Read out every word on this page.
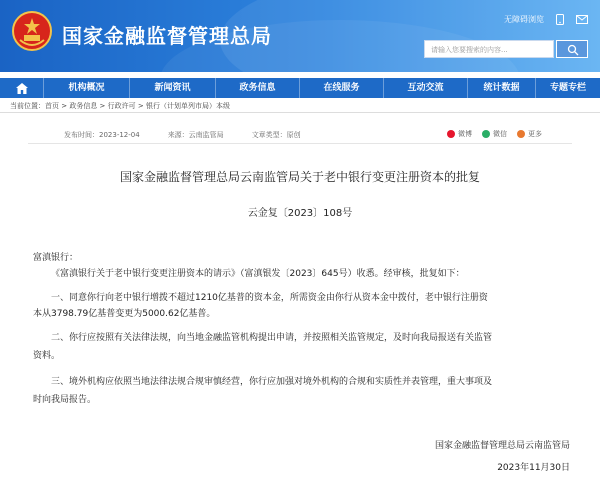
国家金融监督管理总局
无障碍浏览
请输入您要搜索的内容...
机构概况	新闻资讯	政务信息	在线服务	互动交流	统计数据	专题专栏
当前位置：首页 > 政务信息 > 行政许可 > 银行（计划单列市局）本级
发布时间：2023-12-04	来源：云南监管局	文章类型：原创	微博	微信	更多
国家金融监督管理总局云南监管局关于老中银行变更注册资本的批复
云金复〔2023〕108号
富滇银行：
《富滇银行关于老中银行变更注册资本的请示》（富滇银发〔2023〕645号）收悉。经审核，批复如下：
一、同意你行向老中银行增拨不超过1210亿基普的资本金，所需资金由你行从资本金中拨付，老中银行注册资
本从3798.79亿基普变更为5000.62亿基普。
二、你行应按照有关法律法规，向当地金融监管机构提出申请，并按照相关监管规定，及时向我局报送有关监管
资料。
三、境外机构应依照当地法律法规合规审慎经营，你行应加强对境外机构的合规和实质性并表管理，重大事项及
时向我局报告。
国家金融监督管理总局云南监管局
2023年11月30日
